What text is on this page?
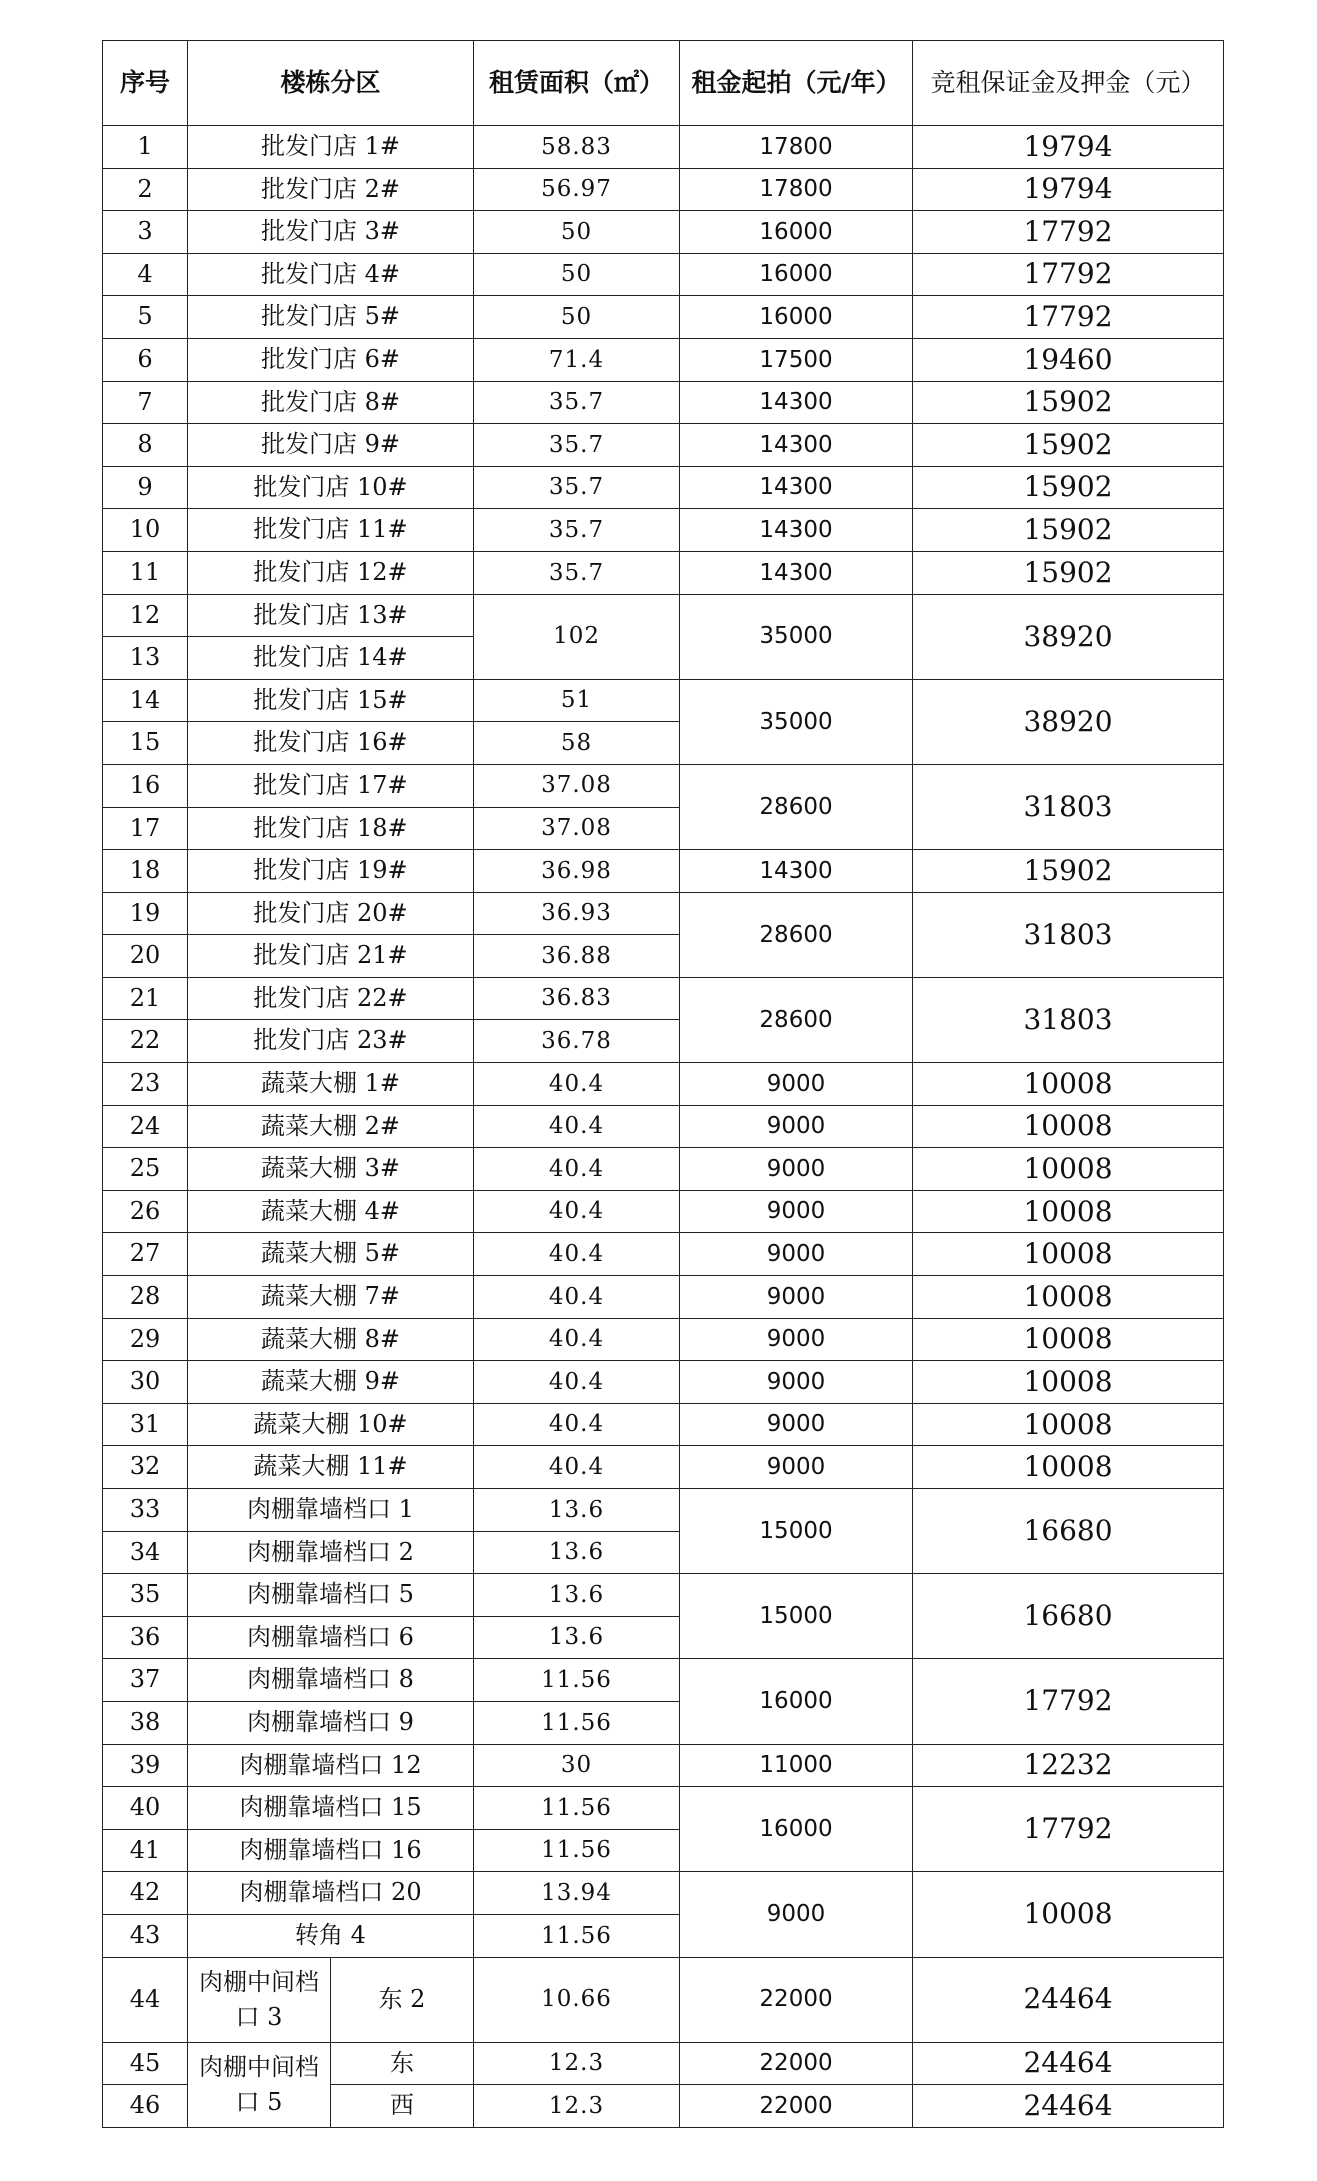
序号	楼栋分区		租赁面积（㎡）	租金起拍（元/年）	竞租保证金及押金（元）
1	批发门店 1#		58.83	17800	19794
2	批发门店 2#		56.97	17800	19794
3	批发门店 3#		50	16000	17792
4	批发门店 4#		50	16000	17792
5	批发门店 5#		50	16000	17792
6	批发门店 6#		71.4	17500	19460
7	批发门店 8#		35.7	14300	15902
8	批发门店 9#		35.7	14300	15902
9	批发门店 10#		35.7	14300	15902
10	批发门店 11#		35.7	14300	15902
11	批发门店 12#		35.7	14300	15902
12	批发门店 13#		102	35000	38920
13	批发门店 14#				
14	批发门店 15#		51	35000	38920
15	批发门店 16#		58		
16	批发门店 17#		37.08	28600	31803
17	批发门店 18#		37.08		
18	批发门店 19#		36.98	14300	15902
19	批发门店 20#		36.93	28600	31803
20	批发门店 21#		36.88		
21	批发门店 22#		36.83	28600	31803
22	批发门店 23#		36.78		
23	蔬菜大棚 1#		40.4	9000	10008
24	蔬菜大棚 2#		40.4	9000	10008
25	蔬菜大棚 3#		40.4	9000	10008
26	蔬菜大棚 4#		40.4	9000	10008
27	蔬菜大棚 5#		40.4	9000	10008
28	蔬菜大棚 7#		40.4	9000	10008
29	蔬菜大棚 8#		40.4	9000	10008
30	蔬菜大棚 9#		40.4	9000	10008
31	蔬菜大棚 10#		40.4	9000	10008
32	蔬菜大棚 11#		40.4	9000	10008
33	肉棚靠墙档口 1		13.6	15000	16680
34	肉棚靠墙档口 2		13.6		
35	肉棚靠墙档口 5		13.6	15000	16680
36	肉棚靠墙档口 6		13.6		
37	肉棚靠墙档口 8		11.56	16000	17792
38	肉棚靠墙档口 9		11.56		
39	肉棚靠墙档口 12		30	11000	12232
40	肉棚靠墙档口 15		11.56	16000	17792
41	肉棚靠墙档口 16		11.56		
42	肉棚靠墙档口 20		13.94	9000	10008
43	转角 4		11.56		
44	肉棚中间档口 3	东 2	10.66	22000	24464
45	肉棚中间档口 5	东	12.3	22000	24464
46		西	12.3	22000	24464
